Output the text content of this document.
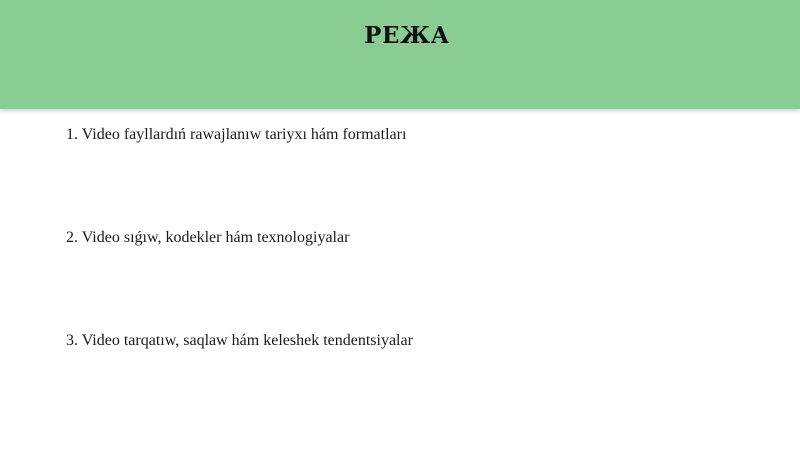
РЕЖА
1. Video fayllardıń rawajlanıw tariyxı hám formatları
2. Video sıǵıw, kodekler hám texnologiyalar
3. Video tarqatıw, saqlaw hám keleshek tendentsiyalar
